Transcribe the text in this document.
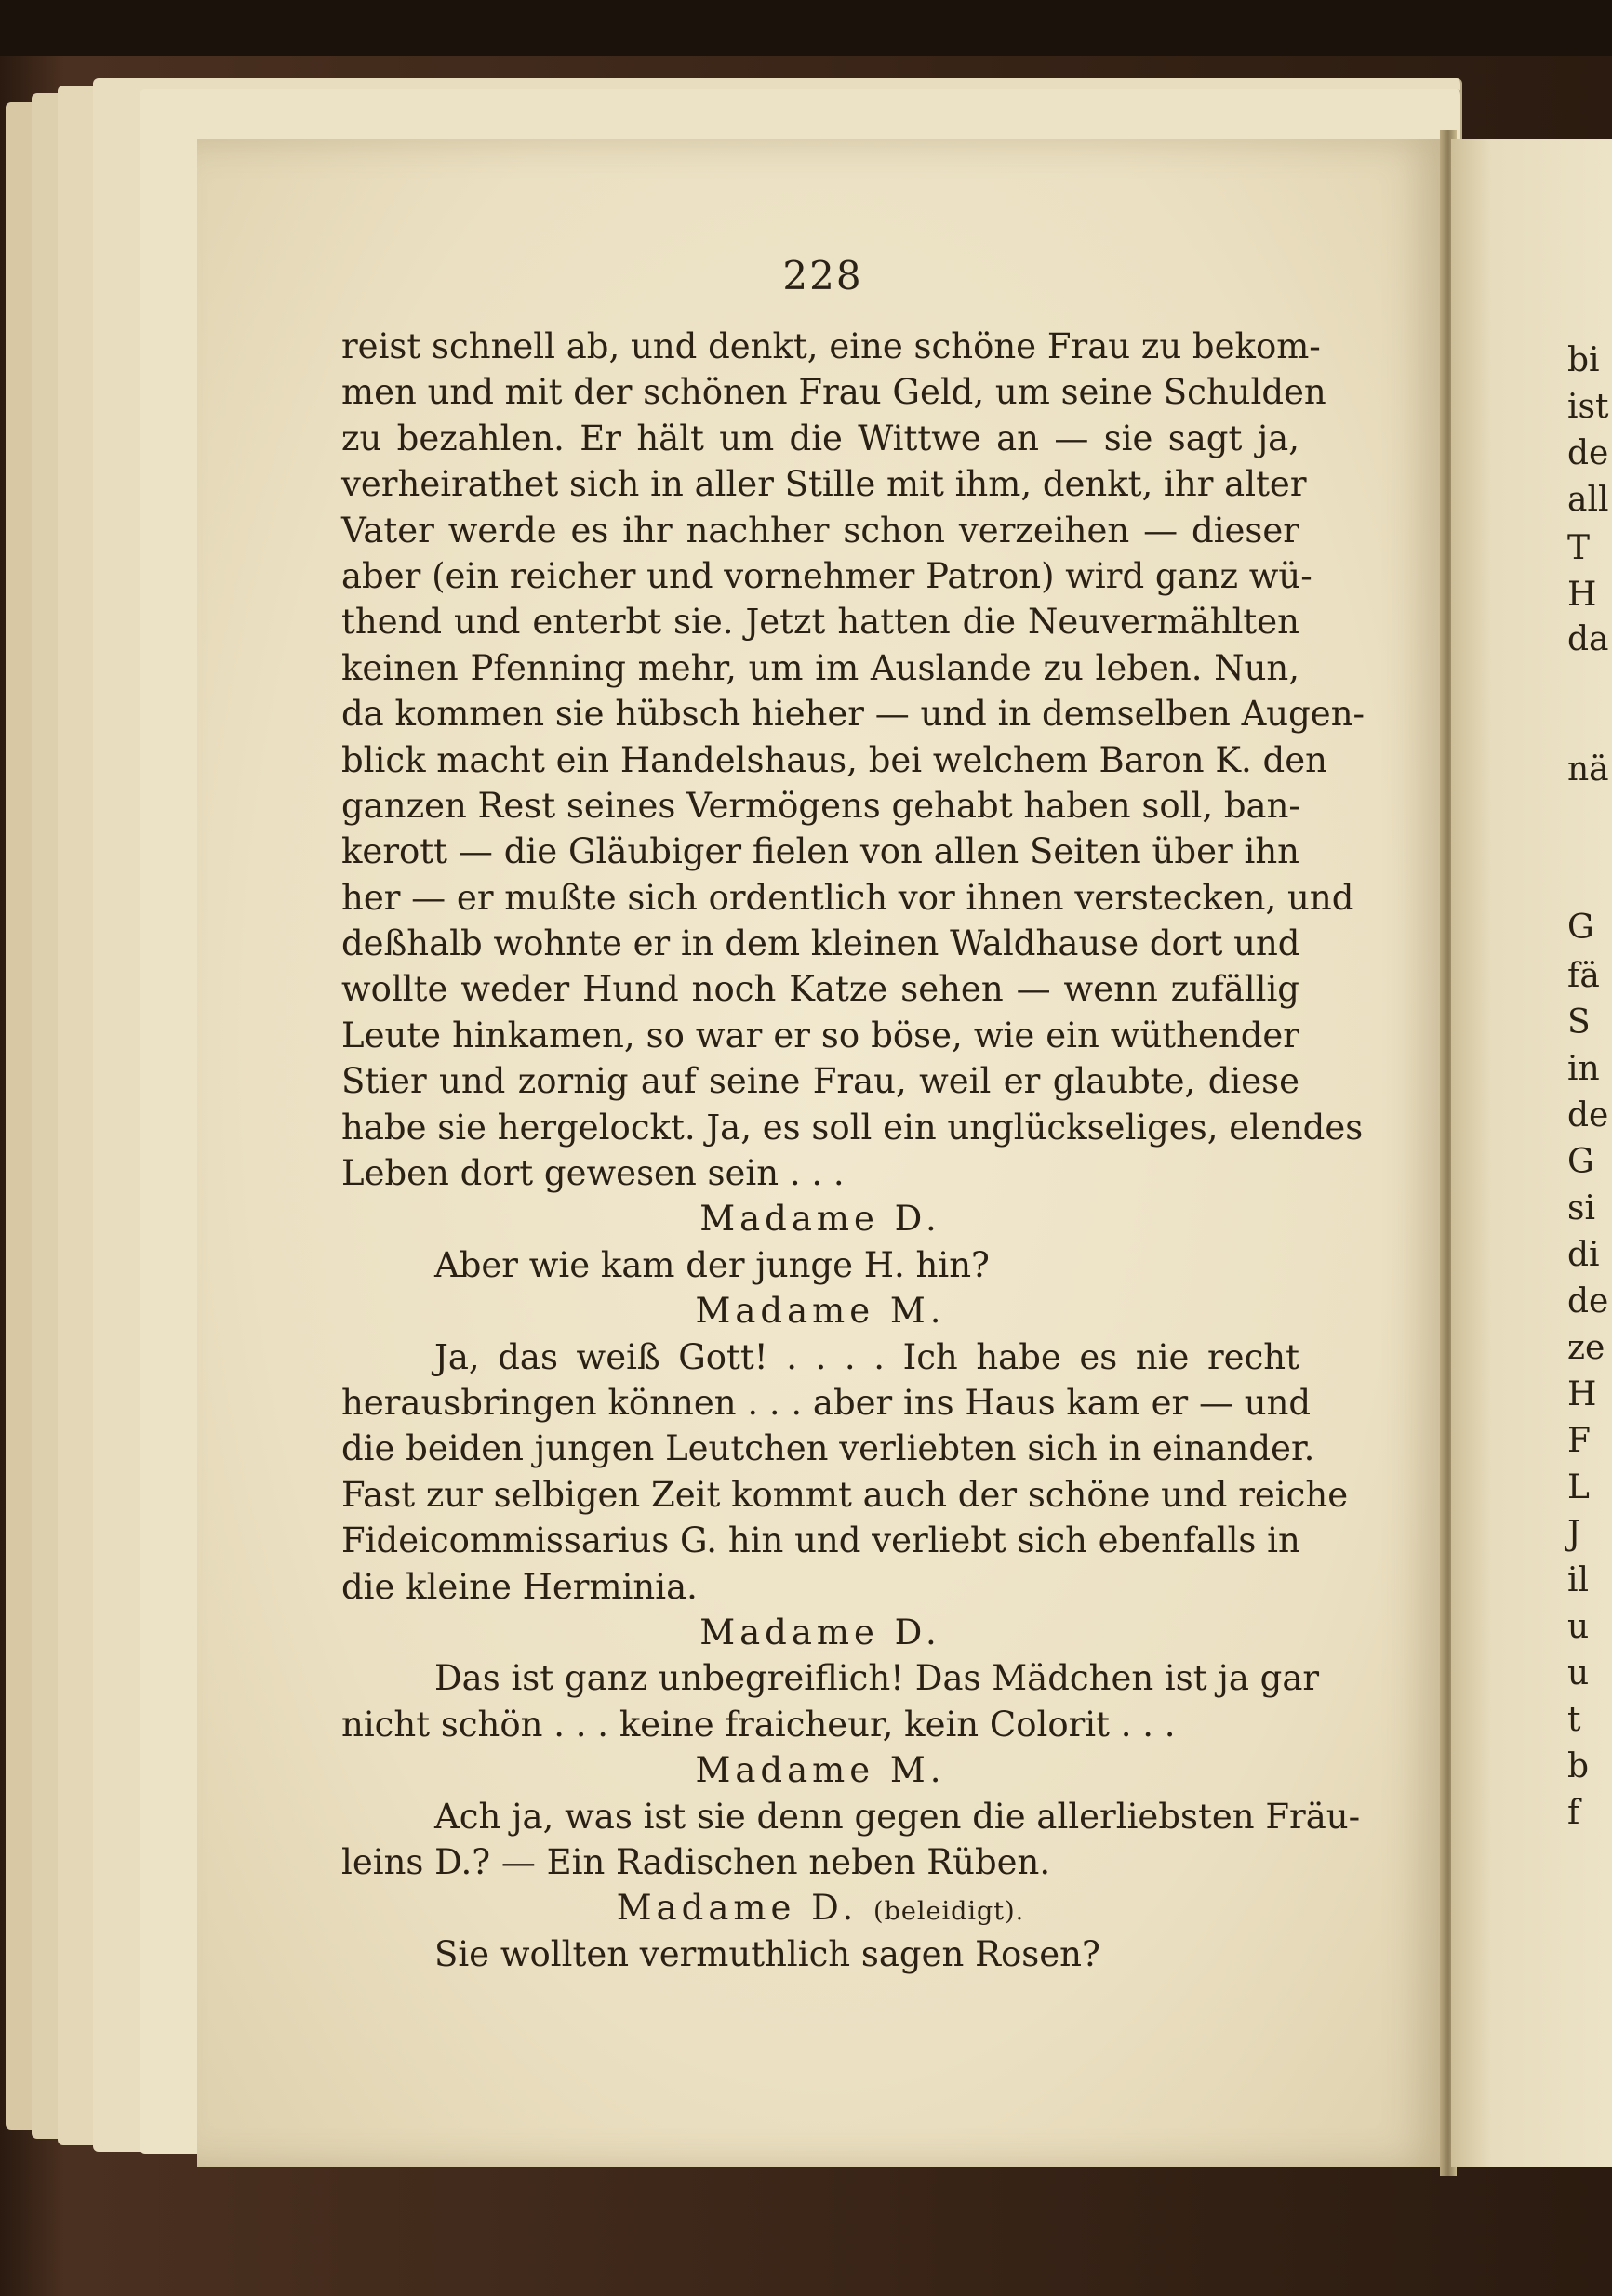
228
reist schnell ab, und denkt, eine schöne Frau zu bekom-
men und mit der schönen Frau Geld, um seine Schulden
zu bezahlen. Er hält um die Wittwe an — sie sagt ja,
verheirathet sich in aller Stille mit ihm, denkt, ihr alter
Vater werde es ihr nachher schon verzeihen — dieser
aber (ein reicher und vornehmer Patron) wird ganz wü-
thend und enterbt sie. Jetzt hatten die Neuvermählten
keinen Pfenning mehr, um im Auslande zu leben. Nun,
da kommen sie hübsch hieher — und in demselben Augen-
blick macht ein Handelshaus, bei welchem Baron K. den
ganzen Rest seines Vermögens gehabt haben soll, ban-
kerott — die Gläubiger fielen von allen Seiten über ihn
her — er mußte sich ordentlich vor ihnen verstecken, und
deßhalb wohnte er in dem kleinen Waldhause dort und
wollte weder Hund noch Katze sehen — wenn zufällig
Leute hinkamen, so war er so böse, wie ein wüthender
Stier und zornig auf seine Frau, weil er glaubte, diese
habe sie hergelockt. Ja, es soll ein unglückseliges, elendes
Leben dort gewesen sein . . .
Madame D.
Aber wie kam der junge H. hin?
Madame M.
Ja, das weiß Gott! . . . . Ich habe es nie recht
herausbringen können . . . aber ins Haus kam er — und
die beiden jungen Leutchen verliebten sich in einander.
Fast zur selbigen Zeit kommt auch der schöne und reiche
Fideicommissarius G. hin und verliebt sich ebenfalls in
die kleine Herminia.
Madame D.
Das ist ganz unbegreiflich! Das Mädchen ist ja gar
nicht schön . . . keine fraicheur, kein Colorit . . .
Madame M.
Ach ja, was ist sie denn gegen die allerliebsten Fräu-
leins D.? — Ein Radischen neben Rüben.
Madame D. (beleidigt).
Sie wollten vermuthlich sagen Rosen?
bi
ist
de
all
T
H
da
nä
G
fä
S
in
de
G
si
di
de
ze
H
F
L
J
il
u
u
t
b
f
